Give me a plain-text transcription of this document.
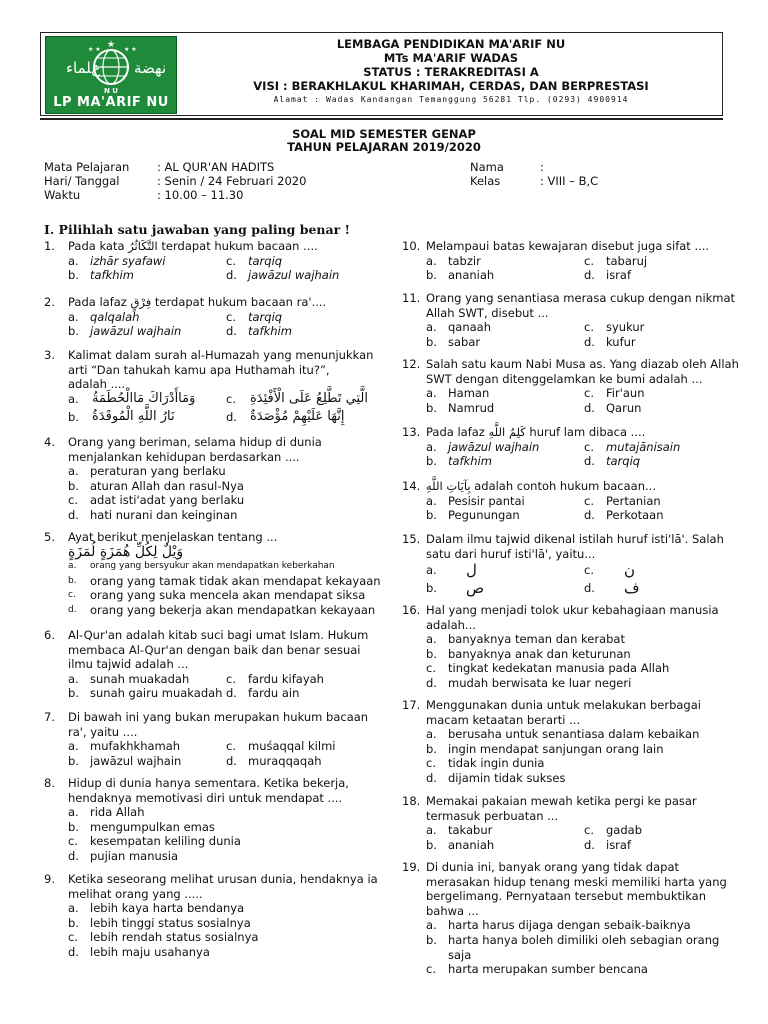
★
★ ★	★ ★
عﻠﻤﺎء ﻧﻬﻀﺔ
N U
LP MA'ARIF NU
LEMBAGA PENDIDIKAN MA'ARIF NU
MTs MA'ARIF WADAS
STATUS : TERAKREDITASI A
VISI : BERAKHLAKUL KHARIMAH, CERDAS, DAN BERPRESTASI
Alamat : Wadas Kandangan Temanggung 56281 Tlp. (0293) 4900914
SOAL MID SEMESTER GENAP
TAHUN PELAJARAN 2019/2020
Mata Pelajaran : AL QUR'AN HADITS
Hari/ Tanggal	: Senin / 24 Februari 2020
Waktu	: 10.00 – 11.30
Nama	:
Kelas	: VIII – B,C
I. Pilihlah satu jawaban yang paling benar !
1. Pada kata التَّكَاثُرُ terdapat hukum bacaan ....
a. izhār syafawi	c. tarqiq
b. tafkhim	d. jawāzul wajhain
2. Pada lafaz فِرْقٍ terdapat hukum bacaan ra'....
a. qalqalah	c. tarqiq
b. jawāzul wajhain	d. tafkhim
3. Kalimat dalam surah al-Humazah yang menunjukkan
arti “Dan tahukah kamu apa Huthamah itu?”,
adalah ....
a. وَمَاأَدْرَاكَ مَاالْحُطَمَةُ	c. الَّتِي تَطَّلِعُ عَلَى الْأَفْئِدَةِ
b. نَارُ اللَّهِ الْمُوقَدَةُ	d. إِنَّهَا عَلَيْهِمْ مُؤْصَدَةٌ
4. Orang yang beriman, selama hidup di dunia
menjalankan kehidupan berdasarkan ....
a. peraturan yang berlaku
b. aturan Allah dan rasul-Nya
c. adat isti'adat yang berlaku
d. hati nurani dan keinginan
5. Ayat berikut menjelaskan tentang ...
وَيْلٌ لِكُلِّ هُمَزَةٍ لُمَزَةٍ
a. orang yang bersyukur akan mendapatkan keberkahan
b. orang yang tamak tidak akan mendapat kekayaan
c. orang yang suka mencela akan mendapat siksa
d. orang yang bekerja akan mendapatkan kekayaan
6. Al-Qur'an adalah kitab suci bagi umat Islam. Hukum
membaca Al-Qur'an dengan baik dan benar sesuai
ilmu tajwid adalah ...
a. sunah muakadah	c. fardu kifayah
b. sunah gairu muakadah d. fardu ain
7. Di bawah ini yang bukan merupakan hukum bacaan
ra', yaitu ....
a. mufakhkhamah	c. muśaqqal kilmi
b. jawāzul wajhain	d. muraqqaqah
8. Hidup di dunia hanya sementara. Ketika bekerja,
hendaknya memotivasi diri untuk mendapat ....
a. rida Allah
b. mengumpulkan emas
c. kesempatan keliling dunia
d. pujian manusia
9. Ketika seseorang melihat urusan dunia, hendaknya ia
melihat orang yang .....
a. lebih kaya harta bendanya
b. lebih tinggi status sosialnya
c. lebih rendah status sosialnya
d. lebih maju usahanya
10. Melampaui batas kewajaran disebut juga sifat ....
a. tabzir	c. tabaruj
b. ananiah	d. israf
11. Orang yang senantiasa merasa cukup dengan nikmat
Allah SWT, disebut ...
a. qanaah	c. syukur
b. sabar	d. kufur
12. Salah satu kaum Nabi Musa as. Yang diazab oleh Allah
SWT dengan ditenggelamkan ke bumi adalah ...
a. Haman	c. Fir'aun
b. Namrud	d. Qarun
13. Pada lafaz كَلِمُ اللَّهِ huruf lam dibaca ....
a. jawāzul wajhain	c. mutajānisain
b. tafkhim	d. tarqiq
14. بِآيَاتِ اللَّهِ adalah contoh hukum bacaan...
a. Pesisir pantai	c. Pertanian
b. Pegunungan	d. Perkotaan
15. Dalam ilmu tajwid dikenal istilah huruf isti'lā'. Salah
satu dari huruf isti'lā', yaitu...
a. ل	c. ن
b. ص	d. ف
16. Hal yang menjadi tolok ukur kebahagiaan manusia
adalah...
a. banyaknya teman dan kerabat
b. banyaknya anak dan keturunan
c. tingkat kedekatan manusia pada Allah
d. mudah berwisata ke luar negeri
17. Menggunakan dunia untuk melakukan berbagai
macam ketaatan berarti ...
a. berusaha untuk senantiasa dalam kebaikan
b. ingin mendapat sanjungan orang lain
c. tidak ingin dunia
d. dijamin tidak sukses
18. Memakai pakaian mewah ketika pergi ke pasar
termasuk perbuatan ...
a. takabur	c. gadab
b. ananiah	d. israf
19. Di dunia ini, banyak orang yang tidak dapat
merasakan hidup tenang meski memiliki harta yang
bergelimang. Pernyataan tersebut membuktikan
bahwa ...
a. harta harus dijaga dengan sebaik-baiknya
b. harta hanya boleh dimiliki oleh sebagian orang
saja
c. harta merupakan sumber bencana
